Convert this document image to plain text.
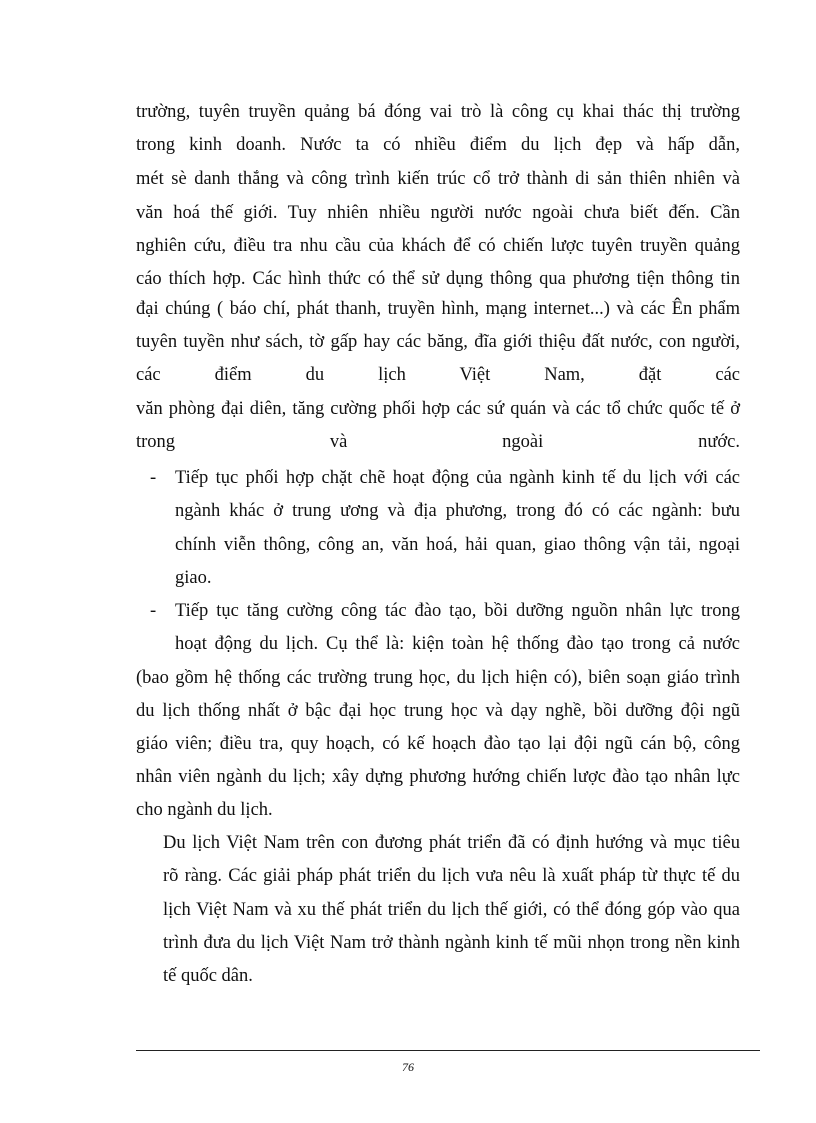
trường, tuyên truyền quảng bá đóng vai trò là công cụ khai thác thị trường
trong kinh doanh. Nước ta có nhiều điểm du lịch đẹp và hấp dẫn,
mét sè danh thắng và công trình kiến trúc cổ trở thành di sản thiên nhiên và
văn hoá thế giới. Tuy nhiên nhiều người nước ngoài chưa biết đến. Cần
nghiên cứu, điều tra nhu cầu của khách để có chiến lược tuyên truyền quảng
cáo thích hợp. Các hình thức có thể sử dụng thông qua phương tiện thông tin
đại chúng ( báo chí, phát thanh, truyền hình, mạng internet...) và các Ên phẩm
tuyên tuyền như sách, tờ gấp hay các băng, đĩa giới thiệu đất nước, con người,
các điểm du lịch Việt Nam, đặt các
văn phòng đại diên, tăng cường phối hợp các sứ quán và các tổ chức quốc tế ở
trong và ngoài nước.
- Tiếp tục phối hợp chặt chẽ hoạt động của ngành kinh tế du lịch với các
ngành khác ở trung ương và địa phương, trong đó có các ngành: bưu
chính viễn thông, công an, văn hoá, hải quan, giao thông vận tải, ngoại
giao.
- Tiếp tục tăng cường công tác đào tạo, bồi dưỡng nguồn nhân lực trong
hoạt động du lịch. Cụ thể là: kiện toàn hệ thống đào tạo trong cả nước
(bao gồm hệ thống các trường trung học, du lịch hiện có), biên soạn giáo trình
du lịch thống nhất ở bậc đại học trung học và dạy nghề, bồi dưỡng đội ngũ
giáo viên; điều tra, quy hoạch, có kế hoạch đào tạo lại đội ngũ cán bộ, công
nhân viên ngành du lịch; xây dựng phương hướng chiến lược đào tạo nhân lực
cho ngành du lịch.
Du lịch Việt Nam trên con đương phát triển đã có định hướng và mục tiêu
rõ ràng. Các giải pháp phát triển du lịch vưa nêu là xuất pháp từ thực tế du
lịch Việt Nam và xu thế phát triển du lịch thế giới, có thể đóng góp vào qua
trình đưa du lịch Việt Nam trở thành ngành kinh tế mũi nhọn trong nền kinh
tế quốc dân.
76
